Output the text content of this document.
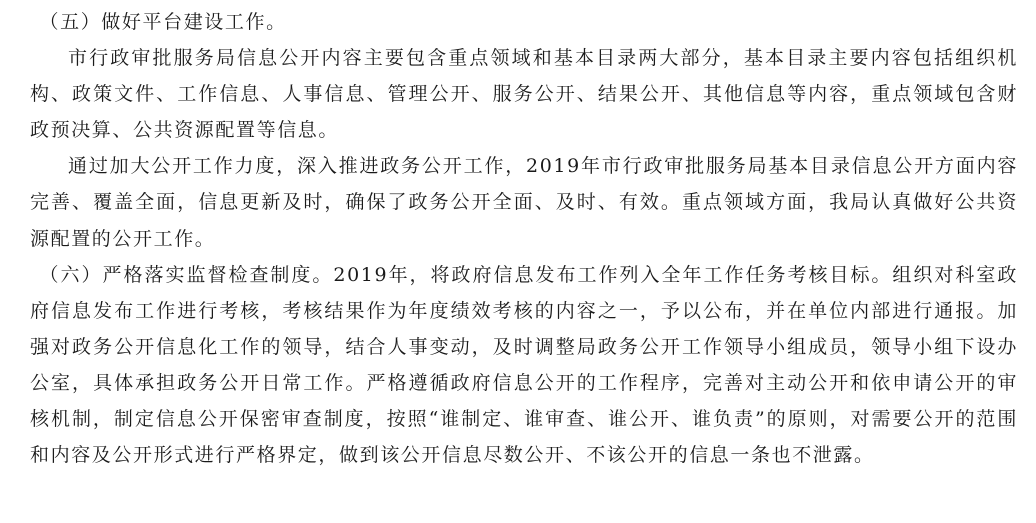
（五）做好平台建设工作。

市行政审批服务局信息公开内容主要包含重点领域和基本目录两大部分，基本目录主要内容包括组织机构、政策文件、工作信息、人事信息、管理公开、服务公开、结果公开、其他信息等内容，重点领域包含财政预决算、公共资源配置等信息。

通过加大公开工作力度，深入推进政务公开工作，2019年市行政审批服务局基本目录信息公开方面内容完善、覆盖全面，信息更新及时，确保了政务公开全面、及时、有效。重点领域方面，我局认真做好公共资源配置的公开工作。

（六）严格落实监督检查制度。2019年，将政府信息发布工作列入全年工作任务考核目标。组织对科室政府信息发布工作进行考核，考核结果作为年度绩效考核的内容之一，予以公布，并在单位内部进行通报。加强对政务公开信息化工作的领导，结合人事变动，及时调整局政务公开工作领导小组成员，领导小组下设办公室，具体承担政务公开日常工作。严格遵循政府信息公开的工作程序，完善对主动公开和依申请公开的审核机制，制定信息公开保密审查制度，按照“谁制定、谁审查、谁公开、谁负责”的原则，对需要公开的范围和内容及公开形式进行严格界定，做到该公开信息尽数公开、不该公开的信息一条也不泄露。
